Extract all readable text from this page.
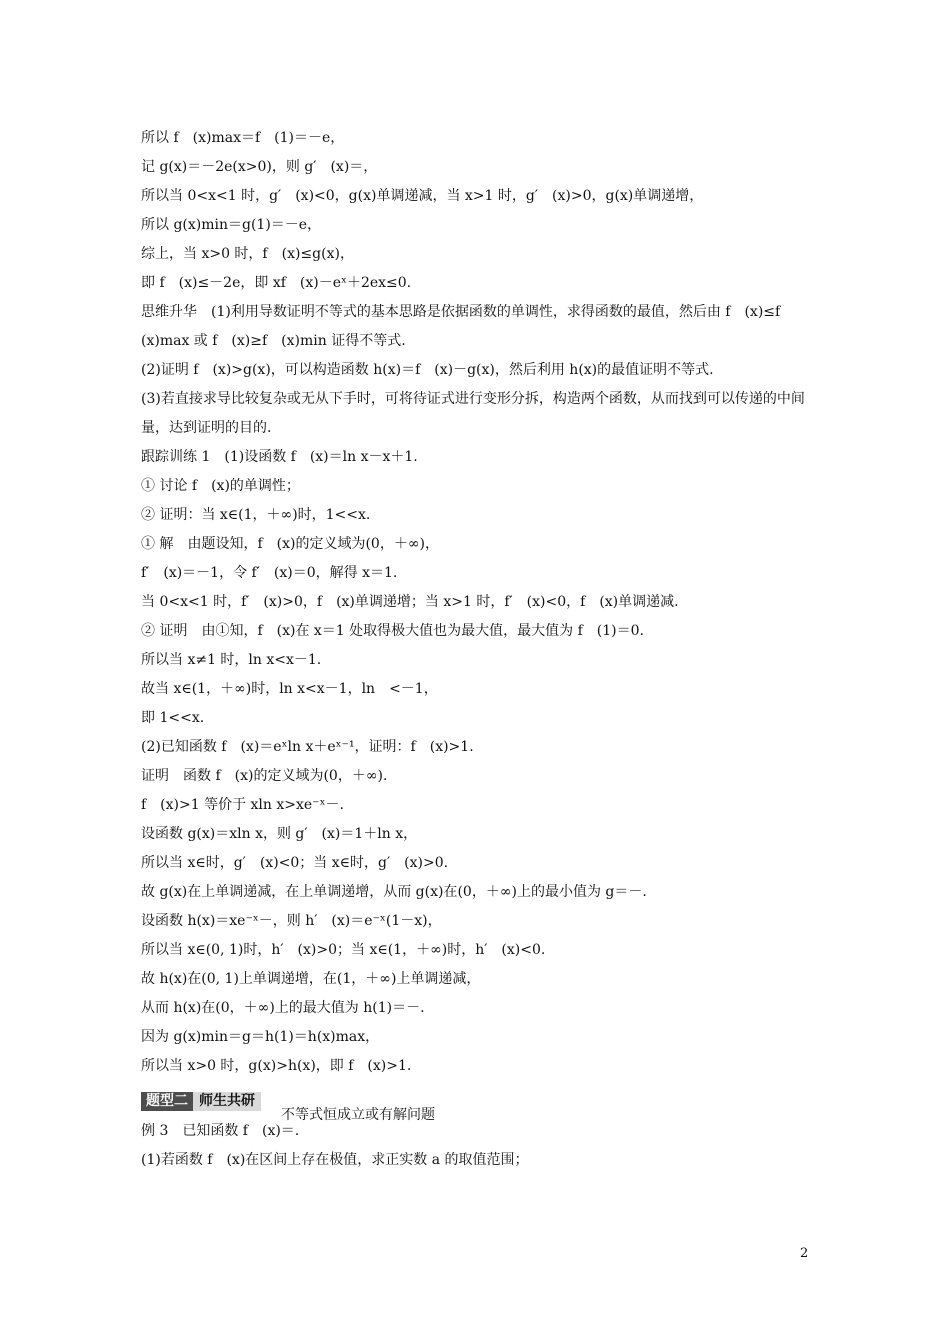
所以 f　(x)max＝f　(1)＝－e，
记 g(x)＝－2e(x>0)，则 g′　(x)＝，
所以当 0<x<1 时，g′　(x)<0，g(x)单调递减，当 x>1 时，g′　(x)>0，g(x)单调递增，
所以 g(x)min＝g(1)＝－e，
综上，当 x>0 时，f　(x)≤g(x)，
即 f　(x)≤－2e，即 xf　(x)－eˣ＋2ex≤0.
思维升华　(1)利用导数证明不等式的基本思路是依据函数的单调性，求得函数的最值，然后由 f　(x)≤f　(x)max 或 f　(x)≥f　(x)min 证得不等式.
(2)证明 f　(x)>g(x)，可以构造函数 h(x)＝f　(x)－g(x)，然后利用 h(x)的最值证明不等式.
(3)若直接求导比较复杂或无从下手时，可将待证式进行变形分拆，构造两个函数，从而找到可以传递的中间量，达到证明的目的.
跟踪训练 1　(1)设函数 f　(x)＝ln x－x＋1.
① 讨论 f　(x)的单调性；
② 证明：当 x∈(1，＋∞)时，1<<x.
① 解　由题设知，f　(x)的定义域为(0，＋∞)，
f′　(x)＝－1，令 f′　(x)＝0，解得 x＝1.
当 0<x<1 时，f′　(x)>0，f　(x)单调递增；当 x>1 时，f′　(x)<0，f　(x)单调递减.
② 证明　由①知，f　(x)在 x＝1 处取得极大值也为最大值，最大值为 f　(1)＝0.
所以当 x≠1 时，ln x<x－1.
故当 x∈(1，＋∞)时，ln x<x－1，ln　<－1，
即 1<<x.
(2)已知函数 f　(x)＝eˣln x＋eˣ⁻¹，证明：f　(x)>1.
证明　函数 f　(x)的定义域为(0，＋∞).
f　(x)>1 等价于 xln x>xe⁻ˣ－.
设函数 g(x)＝xln x，则 g′　(x)＝1＋ln x，
所以当 x∈时，g′　(x)<0；当 x∈时，g′　(x)>0.
故 g(x)在上单调递减，在上单调递增，从而 g(x)在(0，＋∞)上的最小值为 g＝－.
设函数 h(x)＝xe⁻ˣ－，则 h′　(x)＝e⁻ˣ(1－x)，
所以当 x∈(0, 1)时，h′　(x)>0；当 x∈(1，＋∞)时，h′　(x)<0.
故 h(x)在(0, 1)上单调递增，在(1，＋∞)上单调递减，
从而 h(x)在(0，＋∞)上的最大值为 h(1)＝－.
因为 g(x)min＝g＝h(1)＝h(x)max，
所以当 x>0 时，g(x)>h(x)，即 f　(x)>1.
题型二 师生共研
不等式恒成立或有解问题
例 3　已知函数 f　(x)＝.
(1)若函数 f　(x)在区间上存在极值，求正实数 a 的取值范围；
2
